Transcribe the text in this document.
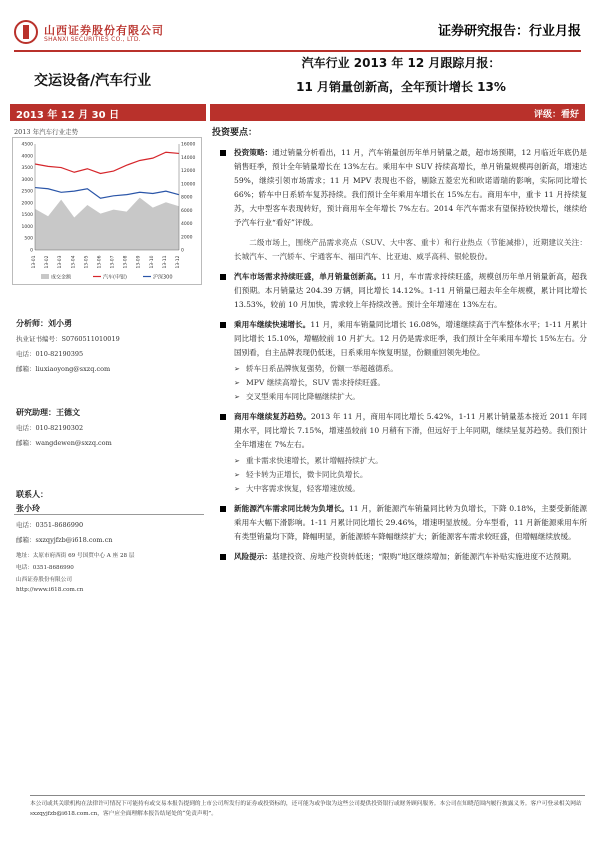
山西证券股份有限公司
SHANXI SECURITIES CO., LTD.
证券研究报告：行业月报
交运设备/汽车行业
汽车行业 2013 年 12 月跟踪月报：
11 月销量创新高，全年预计增长 13%
2013 年 12 月 30 日	评级：看好
2013 年汽车行业走势
0
500
1000
1500
2000
2500
3000
3500
4000
4500
0
2000
4000
6000
8000
10000
12000
14000
16000
13-01 13-02 13-03 13-04 13-05 13-06 13-07 13-08 13-09 13-10 13-11 13-12
成交金额	汽车(申银)	沪深300
分析师：刘小勇
执业证书编号：S0760511010019
电话：010-82190395
邮箱：liuxiaoyong@sxzq.com
研究助理：王德文
电话：010-82190302
邮箱：wangdewen@sxzq.com
联系人：
张小玲
电话：0351-8686990
邮箱：sxzqyjfzb@i618.com.cn
地址：太原市府西街 69 号国贸中心 A 座 28 层
电话：0351-8686990
山西证券股份有限公司
http://www.i618.com.cn
投资要点：
投资策略：通过销量分析看出，11 月，汽车销量创历年单月销量之最，超市场预期，12 月临近年底仍是销售旺季，预计全年销量增长在 13%左右。乘用车中 SUV 持续高增长，单月销量规模再创新高，增速达 59%，继续引领市场需求；11 月 MPV 表现也不俗，剔除五菱宏光和欧诺谱瑞的影响，实际同比增长 66%；轿车中日系轿车复苏持续。我们预计全年乘用车增长在 15%左右。商用车中，重卡 11 月持续复苏，大中型客车表现转好，预计商用车全年增长 7%左右。2014 年汽车需求有望保持较快增长，继续给予汽车行业“看好”评级。
二级市场上，围绕产品需求亮点（SUV、大中客、重卡）和行业热点（节能减排），近期建议关注：长城汽车、一汽轿车、宇通客车、福田汽车、比亚迪、威孚高科、银轮股份。
汽车市场需求持续旺盛，单月销量创新高。11 月，车市需求持续旺盛，规模创历年单月销量新高，超我们预期。本月销量达 204.39 万辆，同比增长 14.12%。1-11 月销量已超去年全年规模，累计同比增长 13.53%，较前 10 月加快，需求较上年持续改善。预计全年增速在 13%左右。
乘用车继续快速增长。11 月，乘用车销量同比增长 16.08%，增速继续高于汽车整体水平；1-11 月累计同比增长 15.10%，增幅较前 10 月扩大。12 月仍是需求旺季，我们预计全年乘用车增长 15%左右。分国别看，自主品牌表现仍低迷，日系乘用车恢复明显，份额重回领先地位。
➢ 轿车日系品牌恢复强势，份额一举超越德系。
➢ MPV 继续高增长，SUV 需求持续旺盛。
➢ 交叉型乘用车同比降幅继续扩大。
商用车继续复苏趋势。2013 年 11 月，商用车同比增长 5.42%，1-11 月累计销量基本接近 2011 年同期水平，同比增长 7.15%，增速虽较前 10 月稍有下滑，但远好于上年同期，继续呈复苏趋势。我们预计全年增速在 7%左右。
➢ 重卡需求快速增长，累计增幅持续扩大。
➢ 轻卡转为正增长，微卡同比负增长。
➢ 大中客需求恢复，轻客增速放缓。
新能源汽车需求同比转为负增长。11 月，新能源汽车销量同比转为负增长，下降 0.18%，主要受新能源乘用车大幅下滑影响。1-11 月累计同比增长 29.46%，增速明显放缓。分车型看，11 月新能源乘用车所有类型销量均下降，降幅明显，新能源轿车降幅继续扩大；新能源客车需求较旺盛，但增幅继续放缓。
风险提示：基建投资、房地产投资转低迷；“限购”地区继续增加；新能源汽车补贴实施进度不达预期。
本公司或其关联机构在法律许可情况下可能持有或交易本报告提到的上市公司所发行的证券或投资标的，还可能为或争取为这些公司提供投资银行或财务顾问服务。本公司在知晓范围内履行披露义务。客户可登录相关网站 sxzqyjfzb@i618.com.cn，客户应全面理解本报告结尾处的“免责声明”。
